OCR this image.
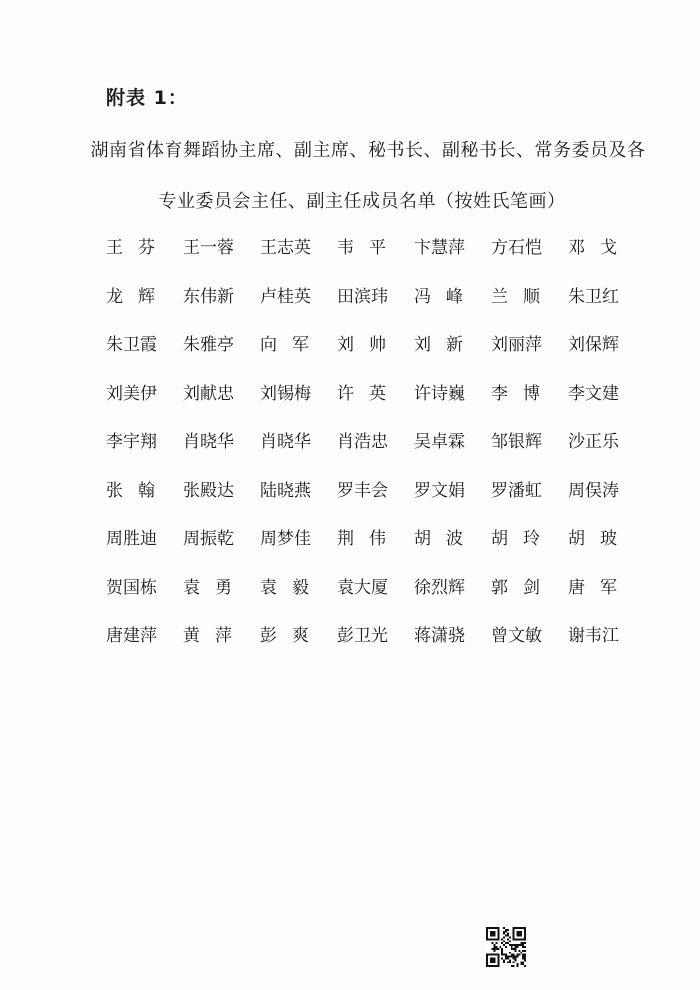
附表 1：
湖南省体育舞蹈协主席、副主席、秘书长、副秘书长、常务委员及各
专业委员会主任、副主任成员名单（按姓氏笔画）
王芬 王一蓉	王志英	韦平 卞慧萍	方石恺	邓戈
龙辉 东伟新	卢桂英	田滨玮	冯峰 兰顺 朱卫红
朱卫霞	朱雅亭	向军 刘帅 刘新 刘丽萍	刘保辉
刘美伊	刘献忠	刘锡梅	许英 许诗巍	李博 李文建
李宇翔	肖晓华	肖晓华	肖浩忠	吴卓霖	邹银辉	沙正乐
张翰 张殿达	陆晓燕	罗丰会	罗文娟	罗潘虹	周俣涛
周胜迪	周振乾	周梦佳	荆伟 胡波 胡玲 胡玻
贺国栋	袁勇 袁毅 袁大厦	徐烈辉	郭剑 唐军
唐建萍	黄萍 彭爽 彭卫光	蒋潇骁	曾文敏	谢韦江
